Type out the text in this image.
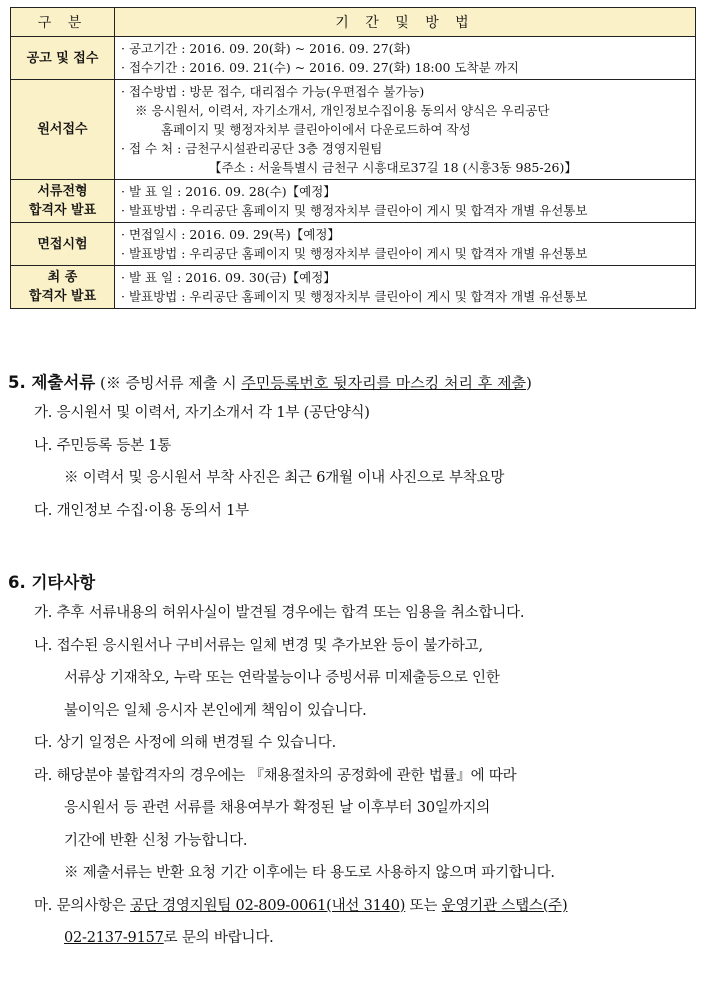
구 분	기 간 및 방 법

공고 및 접수	· 공고기간 : 2016. 09. 20(화) ~ 2016. 09. 27(화)
· 접수기간 : 2016. 09. 21(수) ~ 2016. 09. 27(화) 18:00 도착분 까지

원서접수	· 접수방법 : 방문 접수, 대리접수 가능(우편접수 불가능)
※ 응시원서, 이력서, 자기소개서, 개인정보수집이용 동의서 양식은 우리공단
홈페이지 및 행정자치부 클린아이에서 다운로드하여 작성
· 접 수 처 : 금천구시설관리공단 3층 경영지원팀
【주소 : 서울특별시 금천구 시흥대로37길 18 (시흥3동 985-26)】

서류전형
합격자 발표	· 발 표 일 : 2016. 09. 28(수)【예정】
· 발표방법 : 우리공단 홈페이지 및 행정자치부 클린아이 게시 및 합격자 개별 유선통보

면접시험	· 면접일시 : 2016. 09. 29(목)【예정】
· 발표방법 : 우리공단 홈페이지 및 행정자치부 클린아이 게시 및 합격자 개별 유선통보

최 종
합격자 발표	· 발 표 일 : 2016. 09. 30(금)【예정】
· 발표방법 : 우리공단 홈페이지 및 행정자치부 클린아이 게시 및 합격자 개별 유선통보
5. 제출서류 (※ 증빙서류 제출 시 주민등록번호 뒷자리를 마스킹 처리 후 제출)

가. 응시원서 및 이력서, 자기소개서 각 1부 (공단양식)

나. 주민등록 등본 1통

※ 이력서 및 응시원서 부착 사진은 최근 6개월 이내 사진으로 부착요망

다. 개인정보 수집·이용 동의서 1부

6. 기타사항

가. 추후 서류내용의 허위사실이 발견될 경우에는 합격 또는 임용을 취소합니다.

나. 접수된 응시원서나 구비서류는 일체 변경 및 추가보완 등이 불가하고,

서류상 기재착오, 누락 또는 연락불능이나 증빙서류 미제출등으로 인한

불이익은 일체 응시자 본인에게 책임이 있습니다.

다. 상기 일정은 사정에 의해 변경될 수 있습니다.

라. 해당분야 불합격자의 경우에는 『채용절차의 공정화에 관한 법률』에 따라

응시원서 등 관련 서류를 채용여부가 확정된 날 이후부터 30일까지의

기간에 반환 신청 가능합니다.

※ 제출서류는 반환 요청 기간 이후에는 타 용도로 사용하지 않으며 파기합니다.

마. 문의사항은 공단 경영지원팀 02-809-0061(내선 3140) 또는 운영기관 스탭스(주)

02-2137-9157로 문의 바랍니다.
